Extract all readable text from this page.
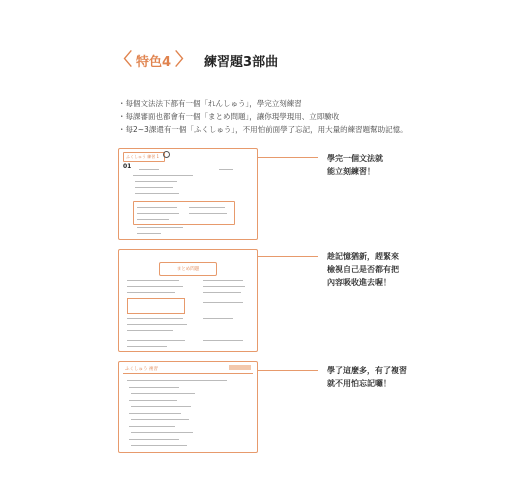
〈 特色4 〉 練習題3部曲
・每個文法法下都有一個「れんしゅう」，學完立刻練習
・每課審面也都會有一個「まとめ問題」，讓你現學現用、立即驗收
・每2~3課還有一個「ふくしゅう」，不用怕前面學了忘記，用大量的練習題幫助記憶。
ふくしゅう 練習 1
01
學完一個文法就
能立刻練習！
まとめ問題
趁記憶猶新，趕緊來
檢視自己是否都有把
內容吸收進去喔！
ふくしゅう 複習	學了這麼多，有了複習
就不用怕忘記囉！
